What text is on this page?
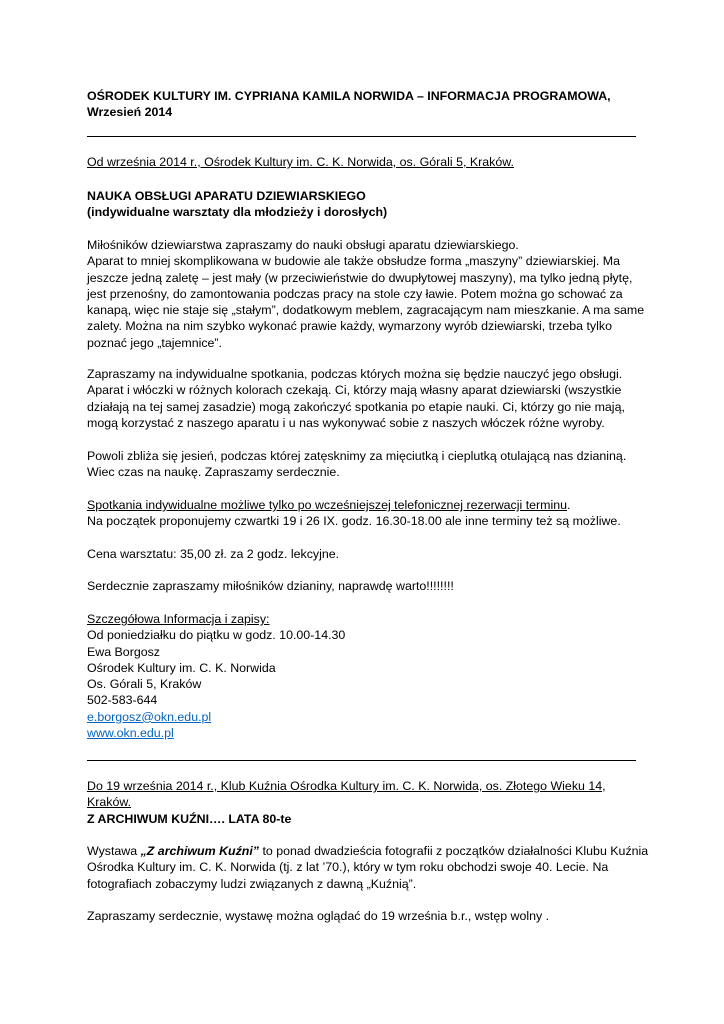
OŚRODEK KULTURY IM. CYPRIANA KAMILA NORWIDA – INFORMACJA PROGRAMOWA,
Wrzesień 2014
Od września 2014 r., Ośrodek Kultury im. C. K. Norwida, os. Górali 5, Kraków.
NAUKA OBSŁUGI APARATU DZIEWIARSKIEGO
(indywidualne warsztaty dla młodzieży i dorosłych)
Miłośników dziewiarstwa zapraszamy do nauki obsługi aparatu dziewiarskiego.
Aparat to mniej skomplikowana w budowie ale także obsłudze forma „maszyny” dziewiarskiej. Ma
jeszcze jedną zaletę – jest mały (w przeciwieństwie do dwupłytowej maszyny), ma tylko jedną płytę,
jest przenośny, do zamontowania podczas pracy na stole czy ławie. Potem można go schować za
kanapą, więc nie staje się „stałym”, dodatkowym meblem, zagracającym nam mieszkanie. A ma same
zalety. Można na nim szybko wykonać prawie każdy, wymarzony wyrób dziewiarski, trzeba tylko
poznać jego „tajemnice”.
Zapraszamy na indywidualne spotkania, podczas których można się będzie nauczyć jego obsługi.
Aparat i włóczki w różnych kolorach czekają. Ci, którzy mają własny aparat dziewiarski (wszystkie
działają na tej samej zasadzie) mogą zakończyć spotkania po etapie nauki. Ci, którzy go nie mają,
mogą korzystać z naszego aparatu i u nas wykonywać sobie z naszych włóczek różne wyroby.
Powoli zbliża się jesień, podczas której zatęsknimy za mięciutką i cieplutką otulającą nas dzianiną.
Wiec czas na naukę. Zapraszamy serdecznie.
Spotkania indywidualne możliwe tylko po wcześniejszej telefonicznej rezerwacji terminu.
Na początek proponujemy czwartki 19 i 26 IX. godz. 16.30-18.00 ale inne terminy też są możliwe.
Cena warsztatu: 35,00 zł. za 2 godz. lekcyjne.
Serdecznie zapraszamy miłośników dzianiny, naprawdę warto!!!!!!!!
Szczegółowa Informacja i zapisy:
Od poniedziałku do piątku w godz. 10.00-14.30
Ewa Borgosz
Ośrodek Kultury im. C. K. Norwida
Os. Górali 5, Kraków
502-583-644
e.borgosz@okn.edu.pl
www.okn.edu.pl
Do 19 września 2014 r., Klub Kuźnia Ośrodka Kultury im. C. K. Norwida, os. Złotego Wieku 14, Kraków.
Z ARCHIWUM KUŹNI…. LATA 80-te
Wystawa „Z archiwum Kuźni” to ponad dwadzieścia fotografii z początków działalności Klubu Kuźnia
Ośrodka Kultury im. C. K. Norwida (tj. z lat ’70.), który w tym roku obchodzi swoje 40. Lecie. Na
fotografiach zobaczymy ludzi związanych z dawną „Kuźnią”.
Zapraszamy serdecznie, wystawę można oglądać do 19 września b.r., wstęp wolny .
